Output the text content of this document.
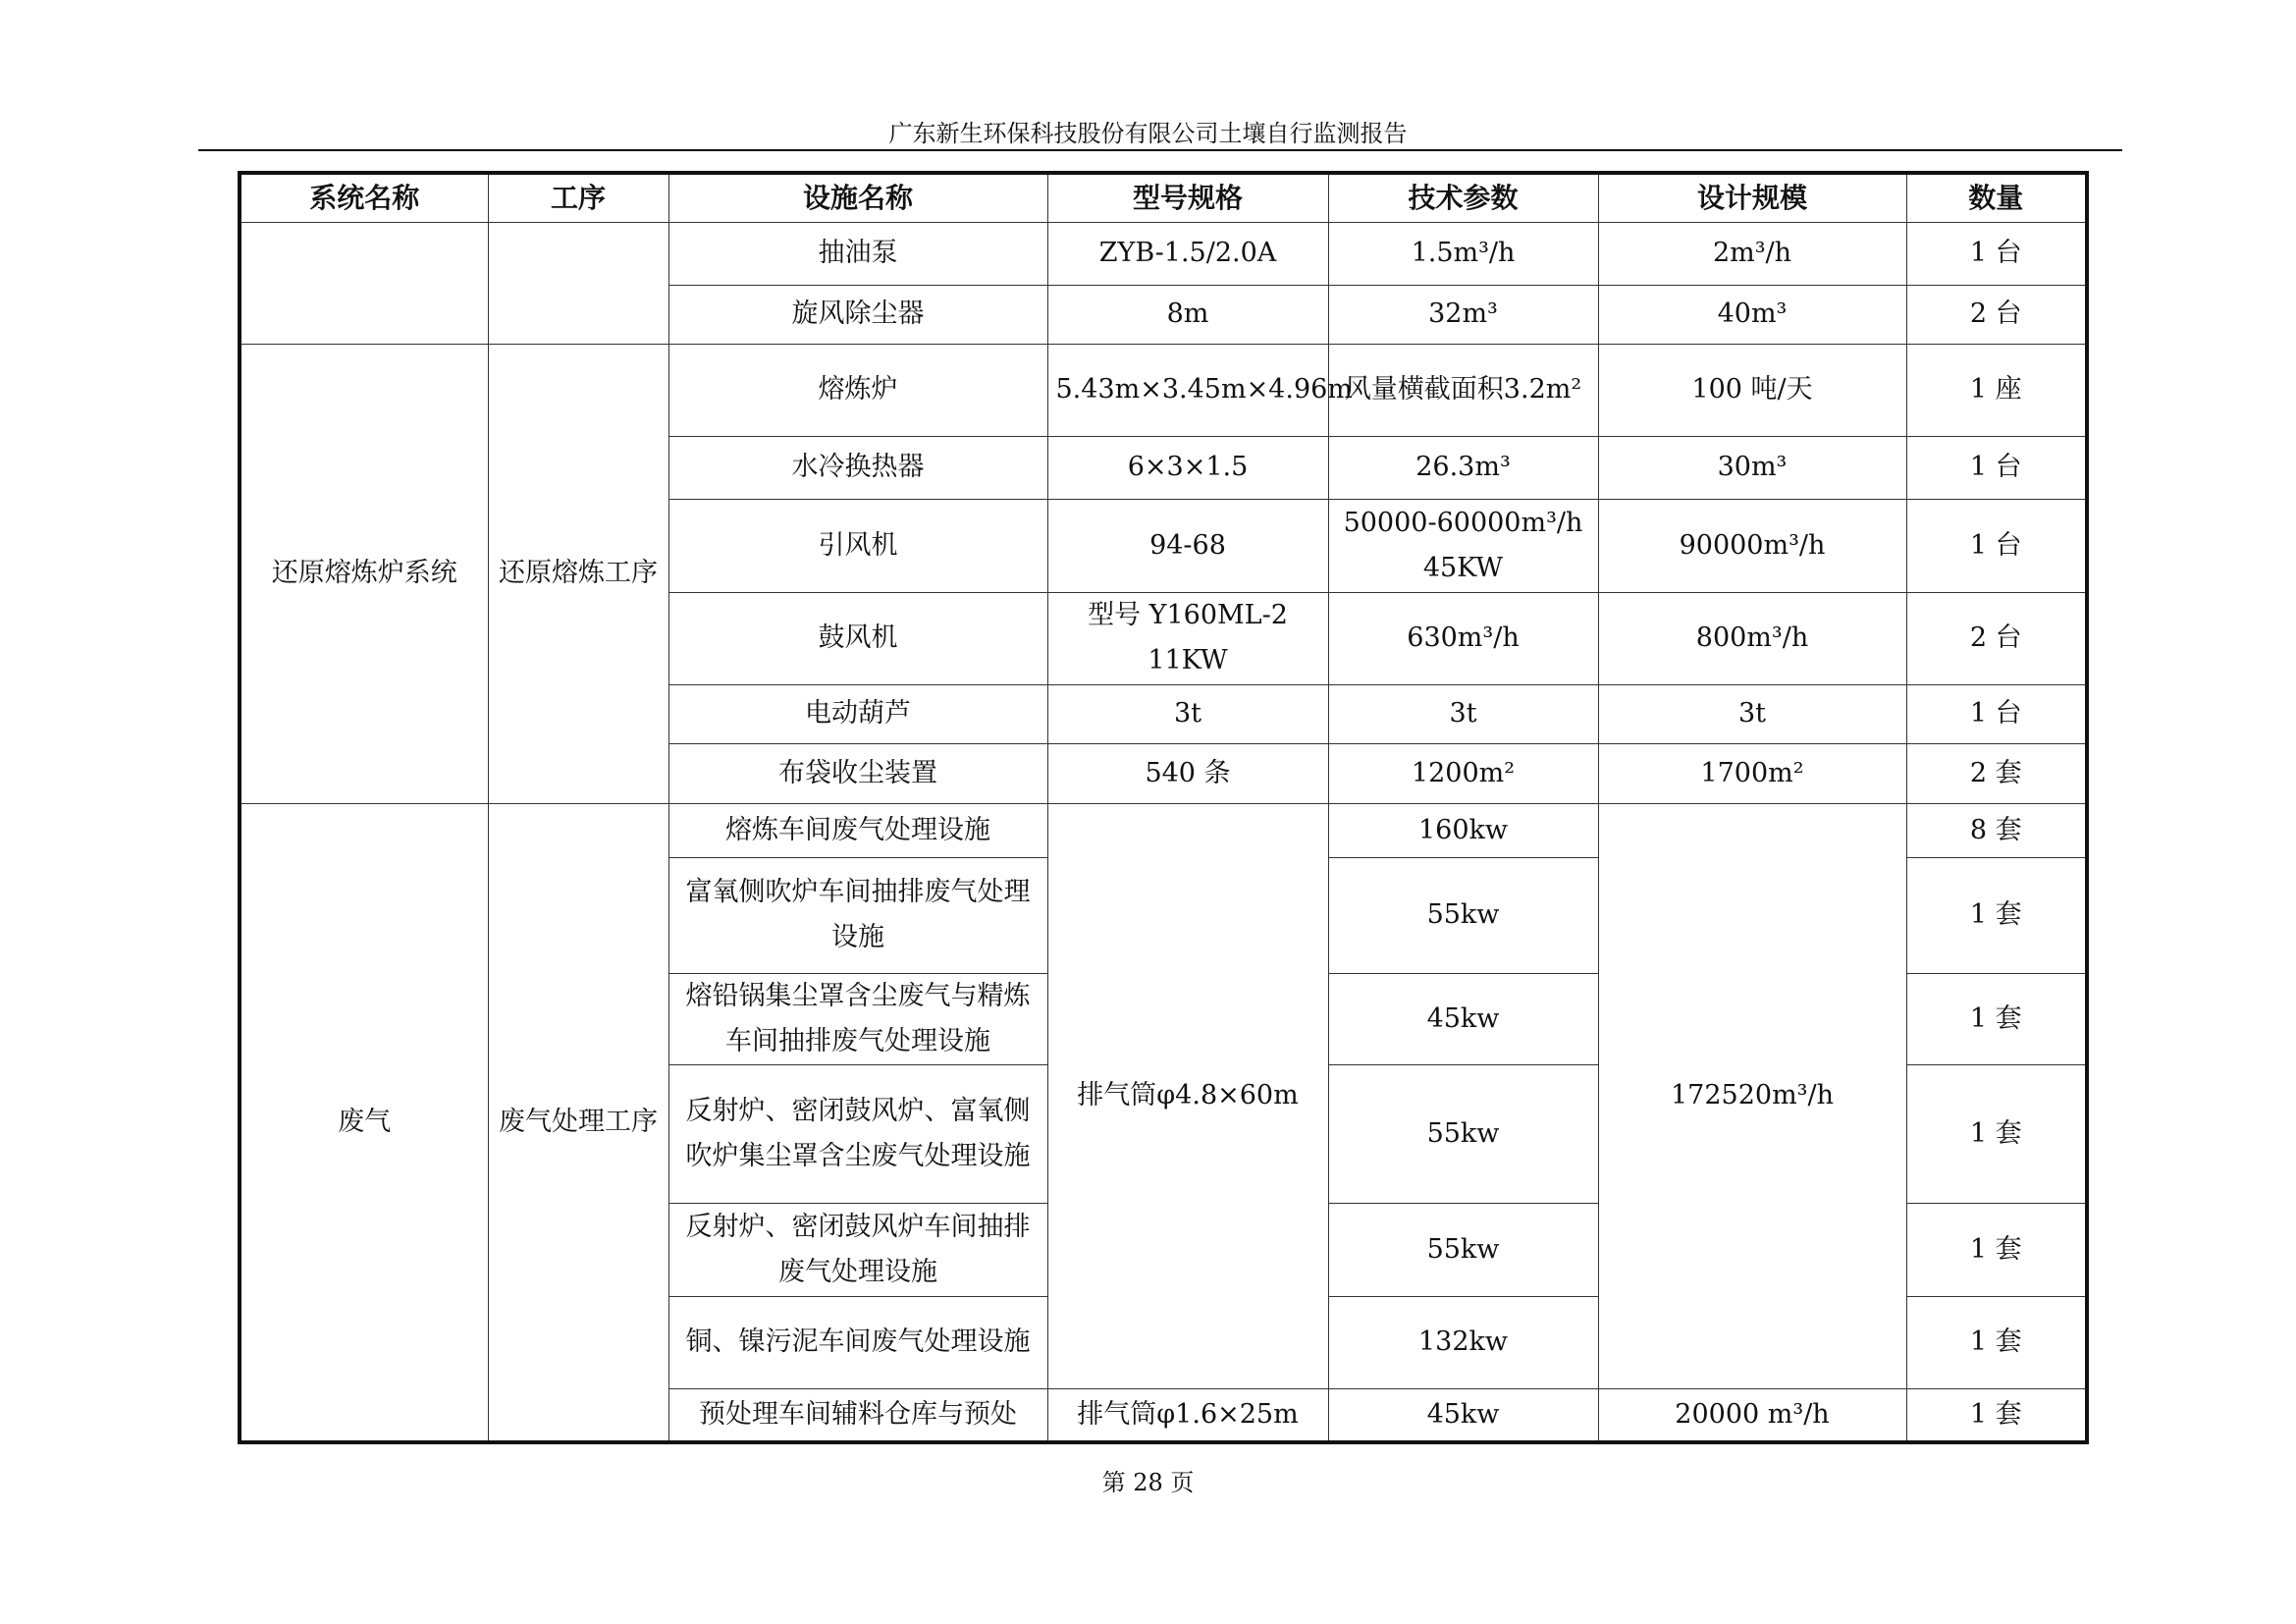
广东新生环保科技股份有限公司土壤自行监测报告
系统名称	工序	设施名称	型号规格	技术参数	设计规模	数量
		抽油泵	ZYB-1.5/2.0A	1.5m³/h	2m³/h	1 台
		旋风除尘器	8m	32m³	40m³	2 台
还原熔炼炉系统	还原熔炼工序	熔炼炉	5.43m×3.45m×4.96m	风量横截面积3.2m²	100 吨/天	1 座
		水冷换热器	6×3×1.5	26.3m³	30m³	1 台
		引风机	94-68	50000-60000m³/h 45KW	90000m³/h	1 台
		鼓风机	型号 Y160ML-2 11KW	630m³/h	800m³/h	2 台
		电动葫芦	3t	3t	3t	1 台
		布袋收尘装置	540 条	1200m²	1700m²	2 套
废气	废气处理工序	熔炼车间废气处理设施	排气筒φ4.8×60m	160kw	172520m³/h	8 套
		富氧侧吹炉车间抽排废气处理设施		55kw		1 套
		熔铅锅集尘罩含尘废气与精炼车间抽排废气处理设施		45kw		1 套
		反射炉、密闭鼓风炉、富氧侧吹炉集尘罩含尘废气处理设施		55kw		1 套
		反射炉、密闭鼓风炉车间抽排废气处理设施		55kw		1 套
		铜、镍污泥车间废气处理设施		132kw		1 套
		预处理车间辅料仓库与预处	排气筒φ1.6×25m	45kw	20000 m³/h	1 套
第 28 页
